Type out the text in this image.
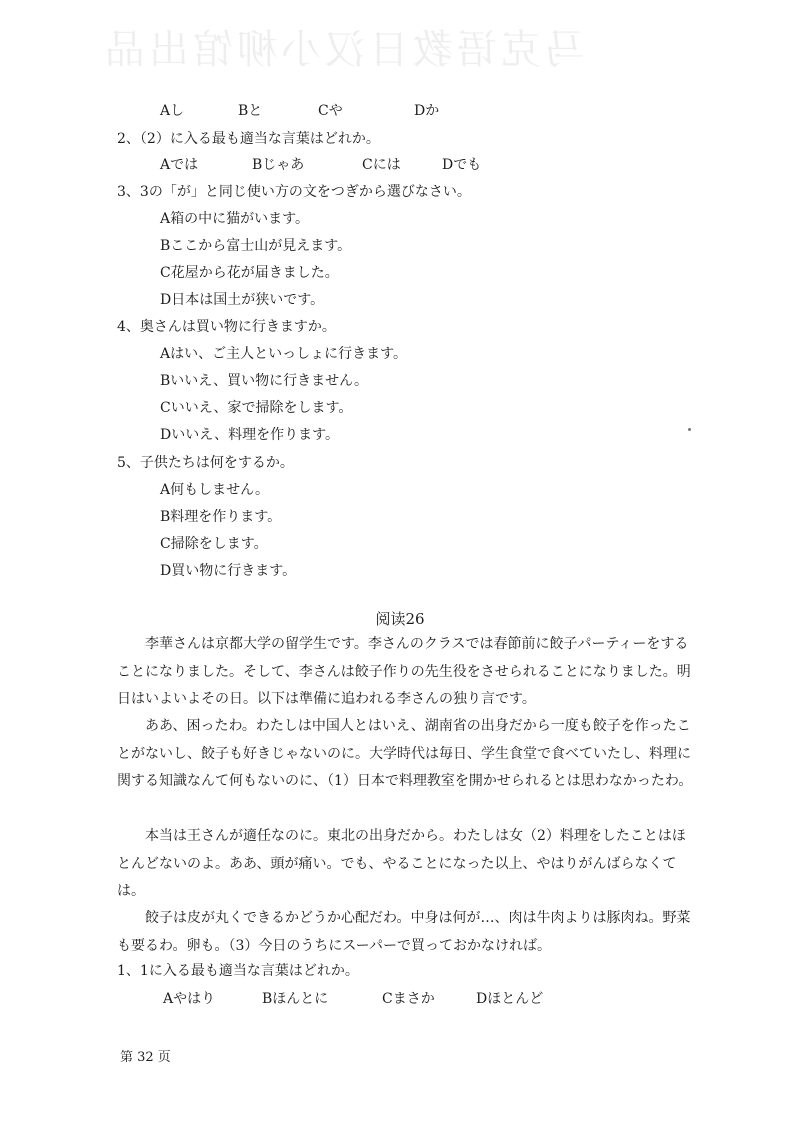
马克语教日汉小柳馆出品
Aし	Bと	Cや	Dか
2、（2）に入る最も適当な言葉はどれか。
Aでは	Bじゃあ	Cには	Dでも
3、3の「が」と同じ使い方の文をつぎから選びなさい。
A箱の中に猫がいます。
Bここから富士山が見えます。
C花屋から花が届きました。
D日本は国土が狭いです。
4、奥さんは買い物に行きますか。
Aはい、ご主人といっしょに行きます。
Bいいえ、買い物に行きません。
Cいいえ、家で掃除をします。
Dいいえ、料理を作ります。
5、子供たちは何をするか。
A何もしません。
B料理を作ります。
C掃除をします。
D買い物に行きます。
阅读26

李華さんは京都大学の留学生です。李さんのクラスでは春節前に餃子パーティーをすることになりました。そして、李さんは餃子作りの先生役をさせられることになりました。明日はいよいよその日。以下は準備に追われる李さんの独り言です。

ああ、困ったわ。わたしは中国人とはいえ、湖南省の出身だから一度も餃子を作ったことがないし、餃子も好きじゃないのに。大学時代は毎日、学生食堂で食べていたし、料理に関する知識なんて何もないのに、（1）日本で料理教室を開かせられるとは思わなかったわ。

本当は王さんが適任なのに。東北の出身だから。わたしは女（2）料理をしたことはほとんどないのよ。ああ、頭が痛い。でも、やることになった以上、やはりがんばらなくては。

餃子は皮が丸くできるかどうか心配だわ。中身は何が…、肉は牛肉よりは豚肉ね。野菜も要るわ。卵も。（3）今日のうちにスーパーで買っておかなければ。

1、1に入る最も適当な言葉はどれか。
Aやはり	Bほんとに	Cまさか	Dほとんど
第 32 页
